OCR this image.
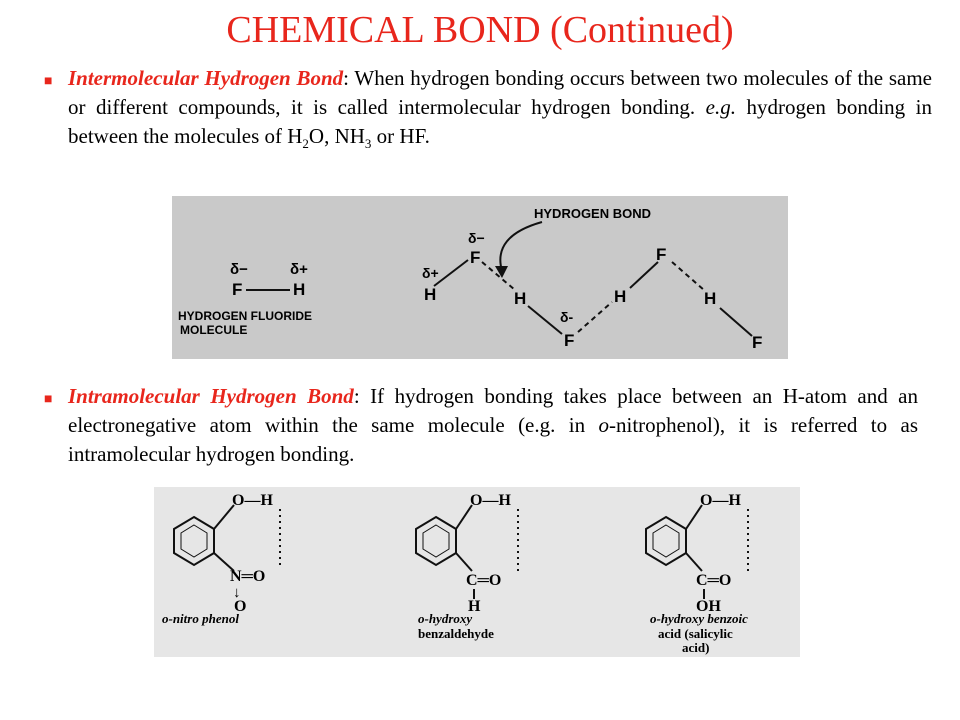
CHEMICAL BOND (Continued)
■ Intermolecular Hydrogen Bond: When hydrogen bonding occurs between two molecules of the same or different compounds, it is called intermolecular hydrogen bonding. e.g. hydrogen bonding in between the molecules of $H_2O$, $NH_3$ or HF.
δ−	δ+
F	H
HYDROGEN FLUORIDE
MOLECULE
HYDROGEN BOND
δ−
F
δ+
H	H
δ-
F
H
F
H
F
■ Intramolecular Hydrogen Bond: If hydrogen bonding takes place between an H-atom and an electronegative atom within the same molecule (e.g. in o-nitrophenol), it is referred to as intramolecular hydrogen bonding.
O—H
N═O
↓
O
o-nitro phenol
O—H
C═O
H
o-hydroxy
benzaldehyde
O—H
C═O
OH
o-hydroxy benzoic
acid (salicylic
acid)
